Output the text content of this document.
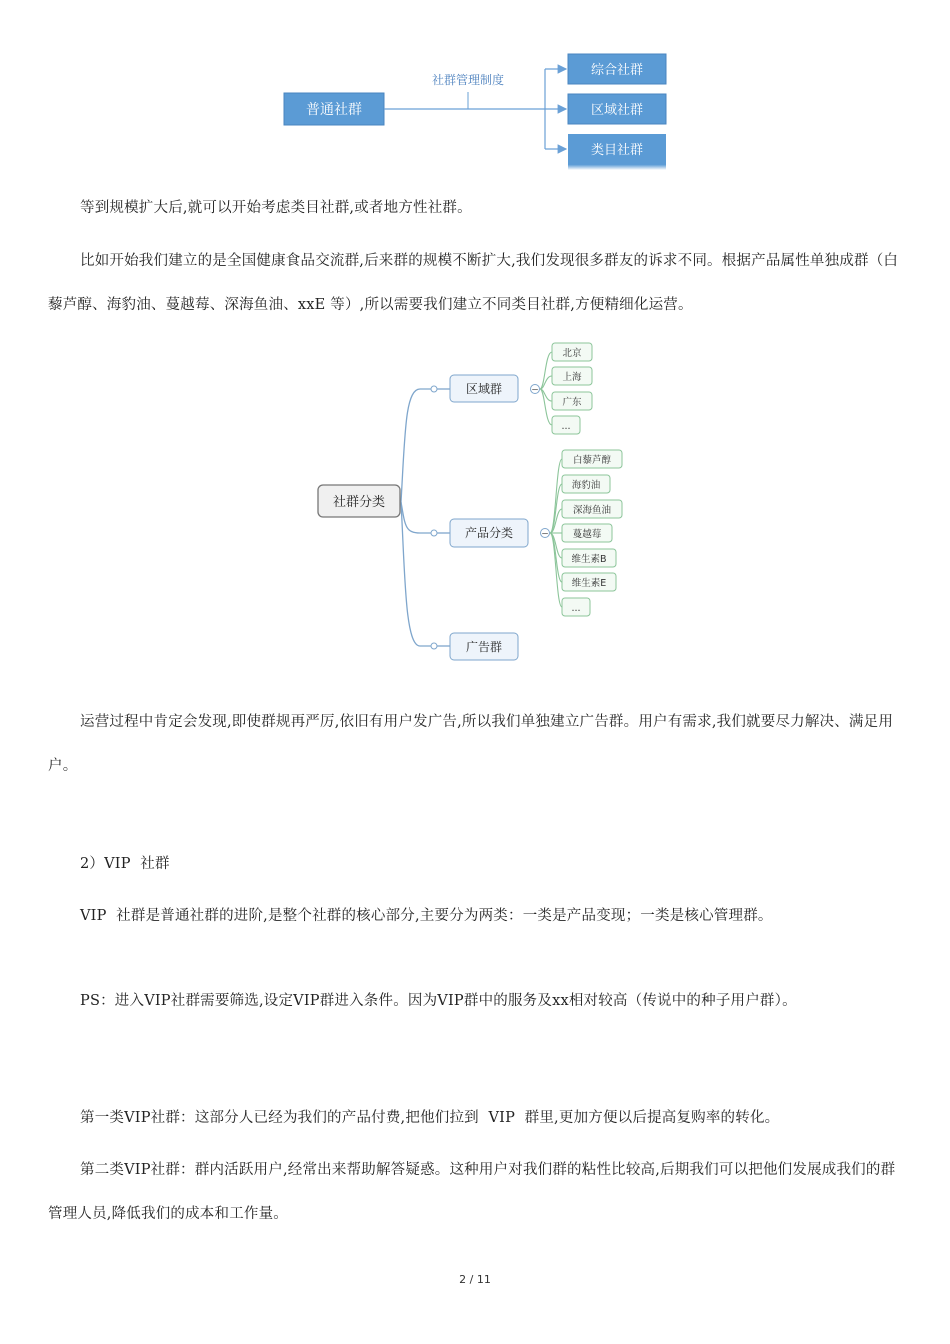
普通社群
社群管理制度
综合社群
区域社群
类目社群

等到规模扩大后,就可以开始考虑类目社群,或者地方性社群。

比如开始我们建立的是全国健康食品交流群,后来群的规模不断扩大,我们发现很多群友的诉求不同。根据产品属性单独成群（白藜芦醇、海豹油、蔓越莓、深海鱼油、xxE 等）,所以需要我们建立不同类目社群,方便精细化运营。

社群分类
区域群	−
产品分类	−
广告群
北京
上海
广东
...
白藜芦醇
海豹油
深海鱼油
蔓越莓
维生素B
维生素E
...

运营过程中肯定会发现,即使群规再严厉,依旧有用户发广告,所以我们单独建立广告群。用户有需求,我们就要尽力解决、满足用户。

2）VIP  社群

VIP  社群是普通社群的进阶,是整个社群的核心部分,主要分为两类：一类是产品变现；一类是核心管理群。

PS：进入VIP社群需要筛选,设定VIP群进入条件。因为VIP群中的服务及xx相对较高（传说中的种子用户群）。

第一类VIP社群：这部分人已经为我们的产品付费,把他们拉到  VIP  群里,更加方便以后提高复购率的转化。

第二类VIP社群：群内活跃用户,经常出来帮助解答疑惑。这种用户对我们群的粘性比较高,后期我们可以把他们发展成我们的群管理人员,降低我们的成本和工作量。

2 / 11
